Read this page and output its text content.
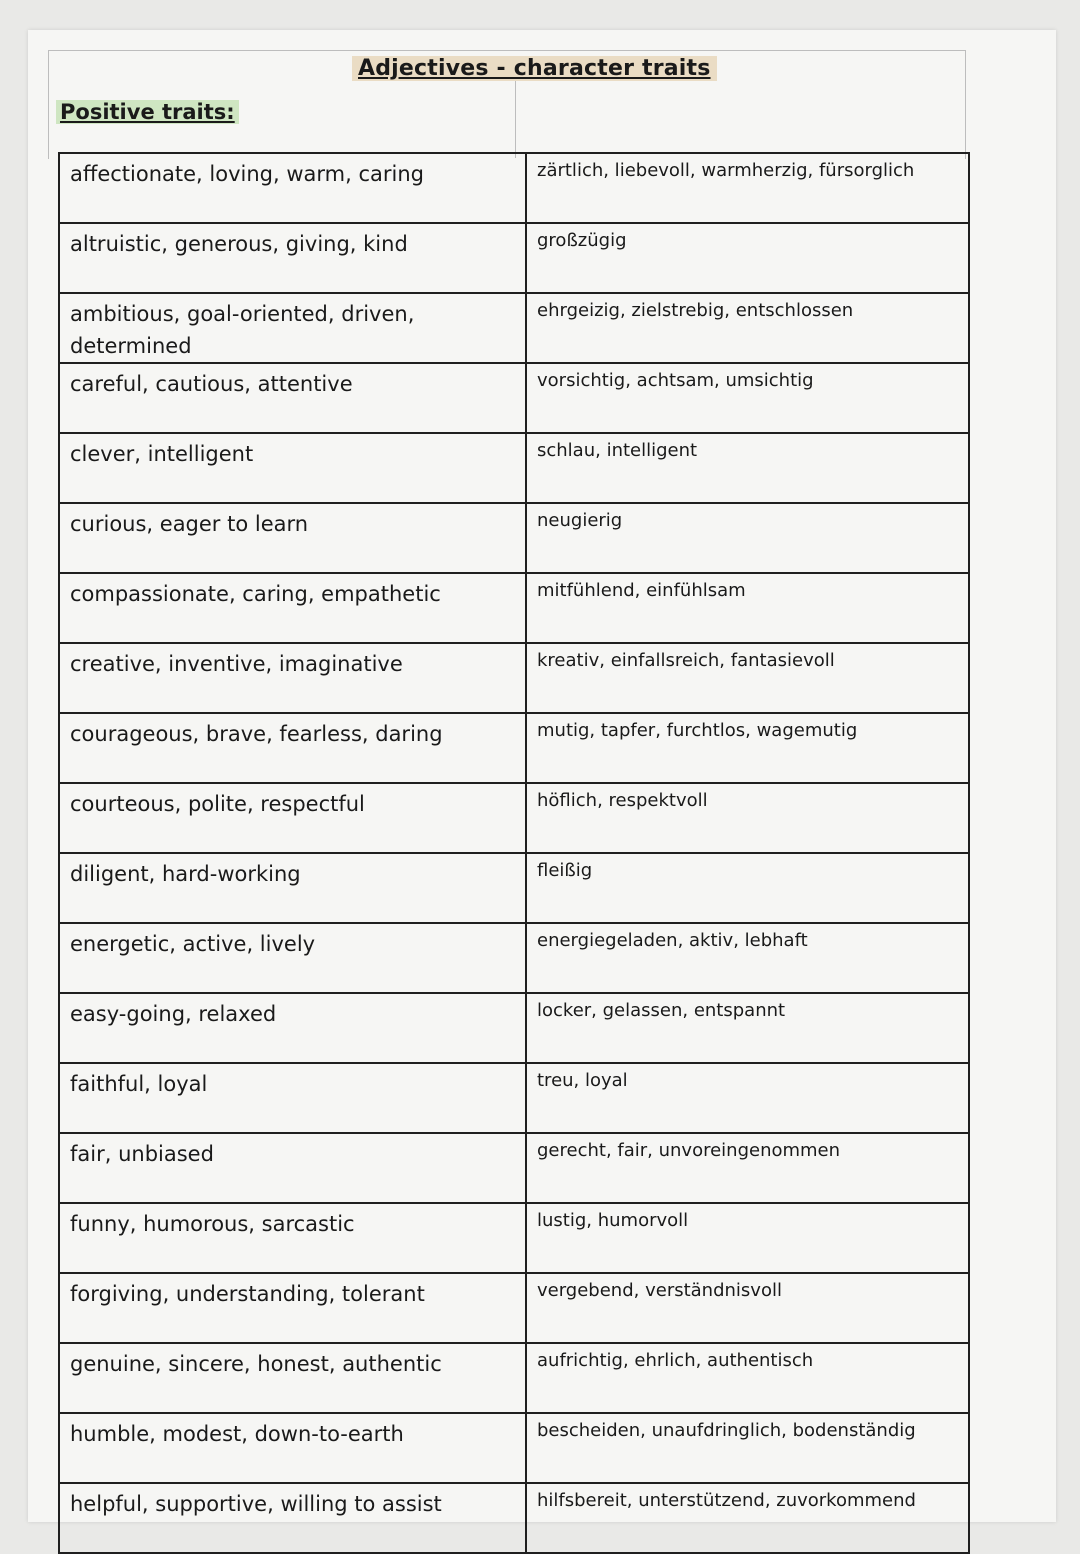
Adjectives - character traits
Positive traits:
affectionate, loving, warm, caring	zärtlich, liebevoll, warmherzig, fürsorglich
altruistic, generous, giving, kind	großzügig
ambitious, goal-oriented, driven, determined	ehrgeizig, zielstrebig, entschlossen
careful, cautious, attentive	vorsichtig, achtsam, umsichtig
clever, intelligent	schlau, intelligent
curious, eager to learn	neugierig
compassionate, caring, empathetic	mitfühlend, einfühlsam
creative, inventive, imaginative	kreativ, einfallsreich, fantasievoll
courageous, brave, fearless, daring	mutig, tapfer, furchtlos, wagemutig
courteous, polite, respectful	höflich, respektvoll
diligent, hard-working	fleißig
energetic, active, lively	energiegeladen, aktiv, lebhaft
easy-going, relaxed	locker, gelassen, entspannt
faithful, loyal	treu, loyal
fair, unbiased	gerecht, fair, unvoreingenommen
funny, humorous, sarcastic	lustig, humorvoll
forgiving, understanding, tolerant	vergebend, verständnisvoll
genuine, sincere, honest, authentic	aufrichtig, ehrlich, authentisch
humble, modest, down-to-earth	bescheiden, unaufdringlich, bodenständig
helpful, supportive, willing to assist	hilfsbereit, unterstützend, zuvorkommend
